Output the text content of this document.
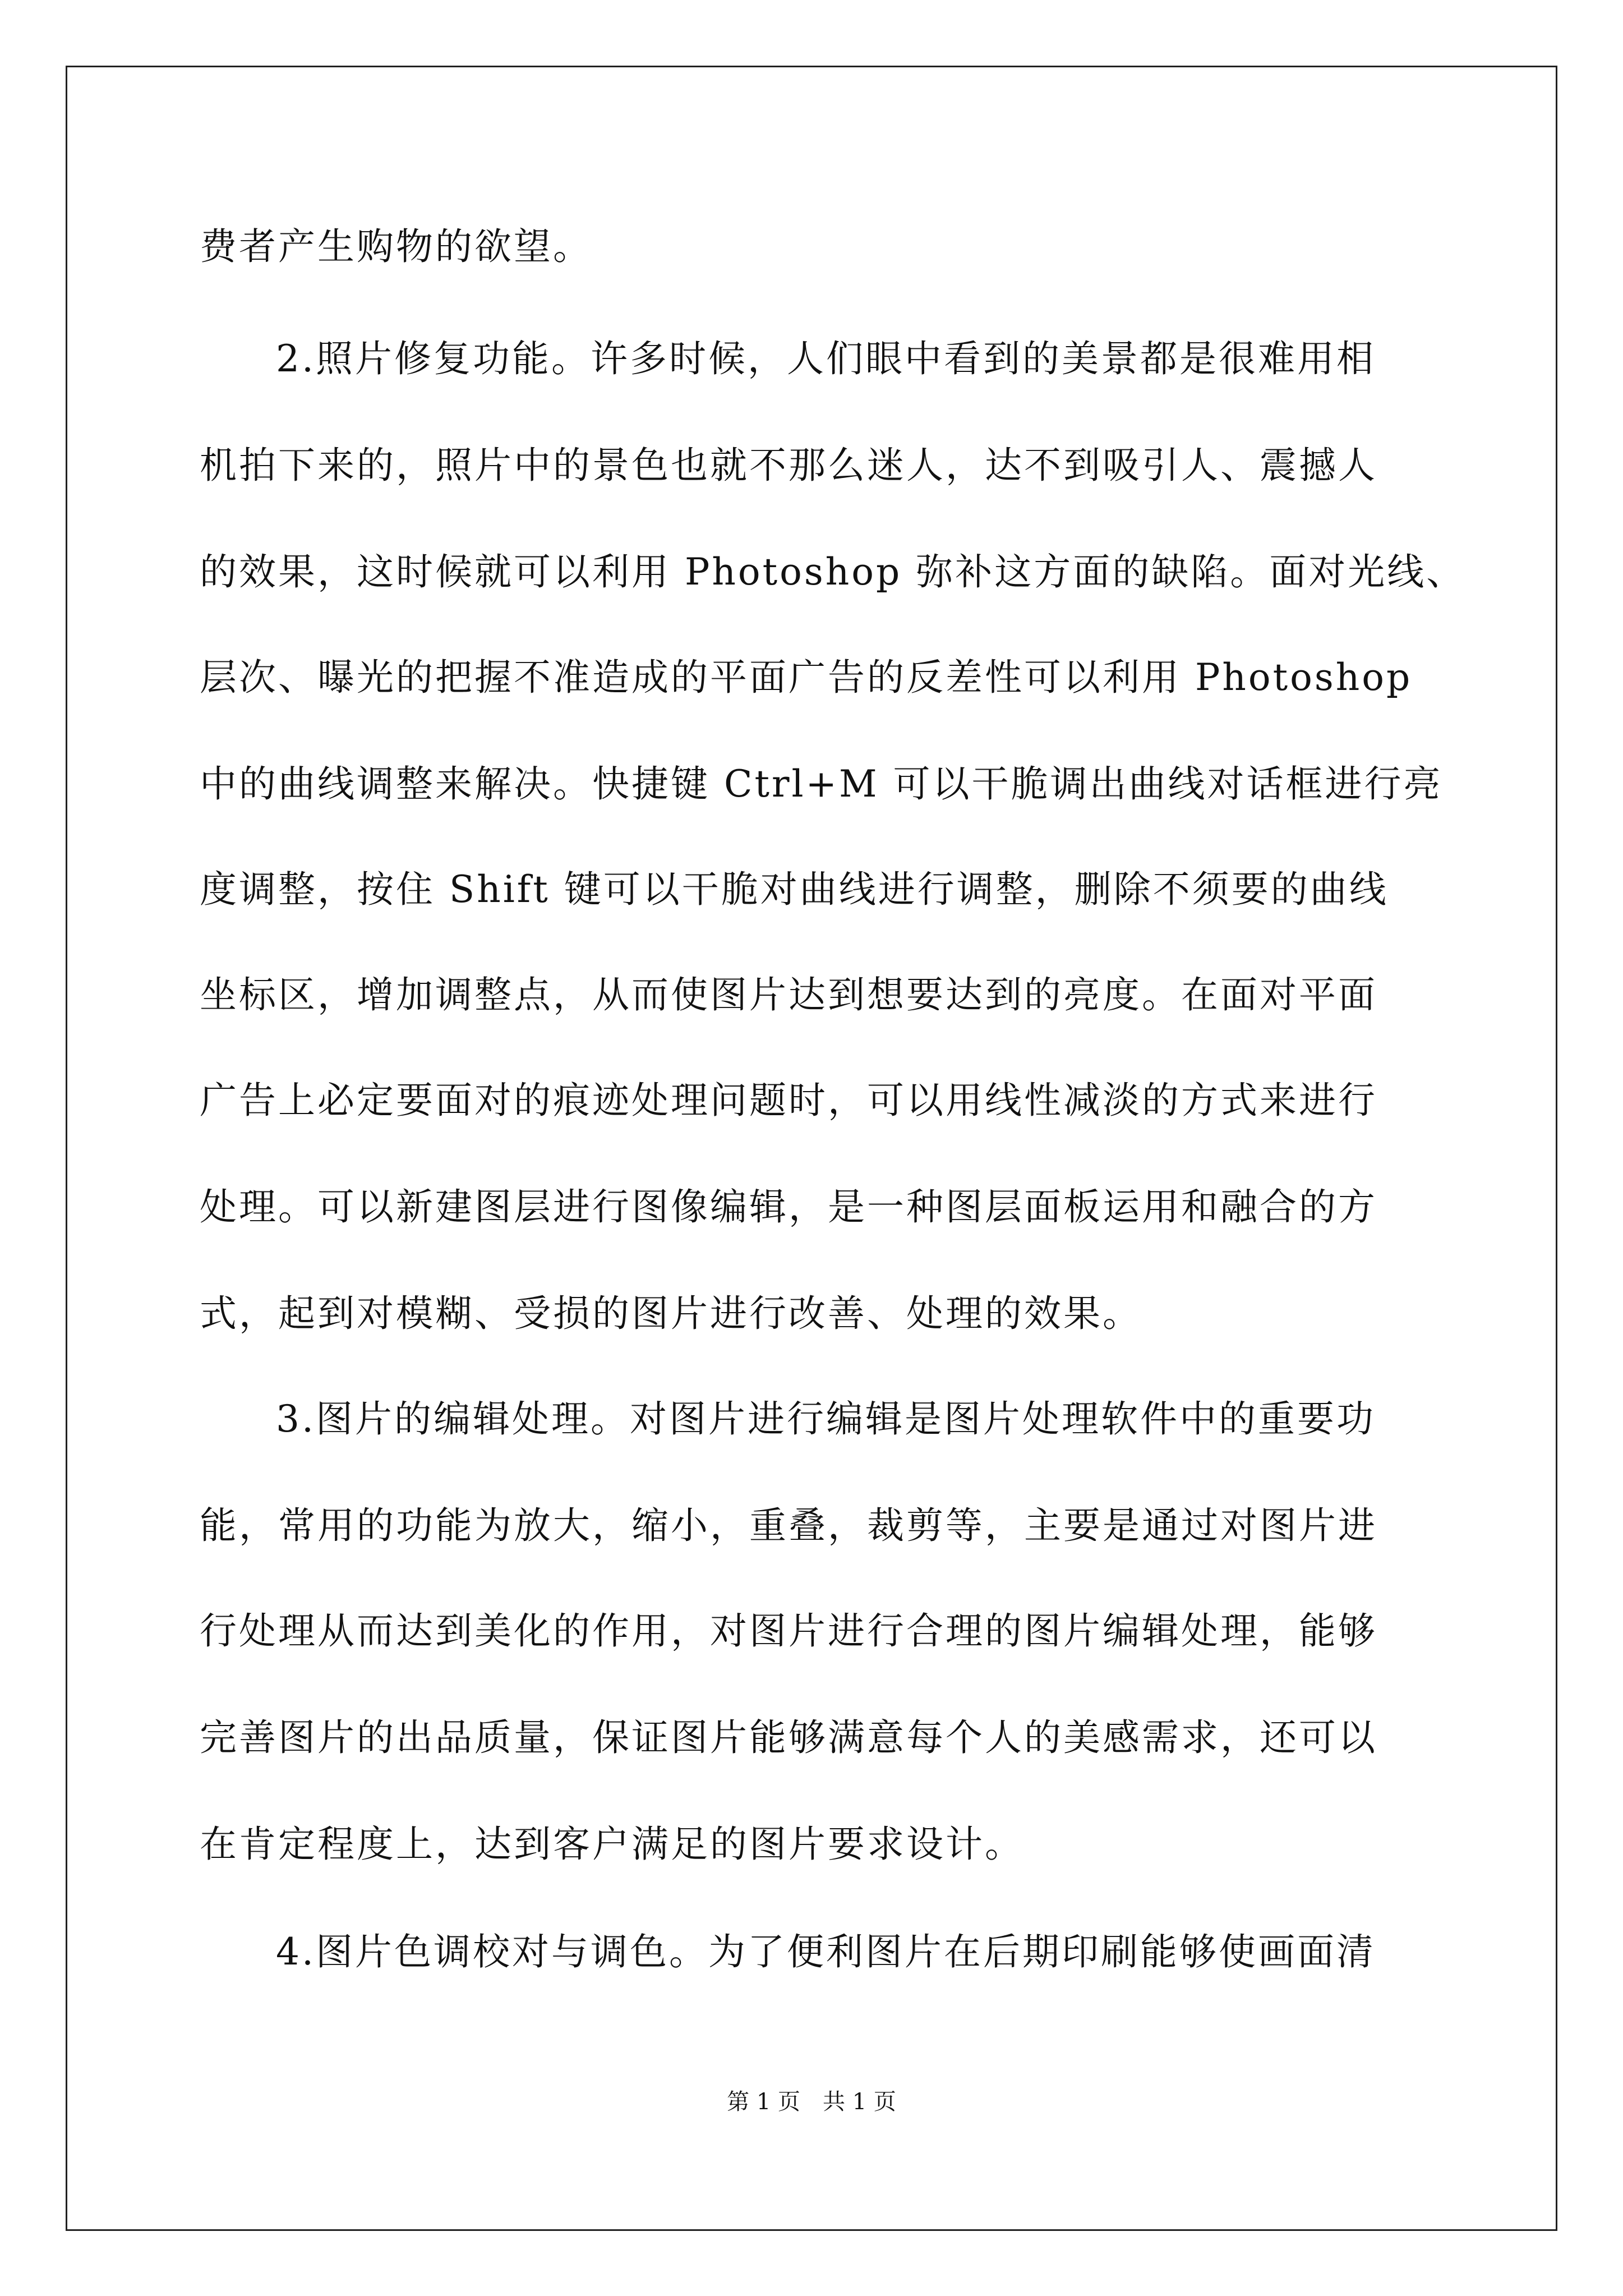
费者产生购物的欲望。
2.照片修复功能。许多时候，人们眼中看到的美景都是很难用相
机拍下来的，照片中的景色也就不那么迷人，达不到吸引人、震撼人
的效果，这时候就可以利用 Photoshop 弥补这方面的缺陷。面对光线、
层次、曝光的把握不准造成的平面广告的反差性可以利用 Photoshop
中的曲线调整来解决。快捷键 Ctrl+M 可以干脆调出曲线对话框进行亮
度调整，按住 Shift 键可以干脆对曲线进行调整，删除不须要的曲线
坐标区，增加调整点，从而使图片达到想要达到的亮度。在面对平面
广告上必定要面对的痕迹处理问题时，可以用线性减淡的方式来进行
处理。可以新建图层进行图像编辑，是一种图层面板运用和融合的方
式，起到对模糊、受损的图片进行改善、处理的效果。
3.图片的编辑处理。对图片进行编辑是图片处理软件中的重要功
能，常用的功能为放大，缩小，重叠，裁剪等，主要是通过对图片进
行处理从而达到美化的作用，对图片进行合理的图片编辑处理，能够
完善图片的出品质量，保证图片能够满意每个人的美感需求，还可以
在肯定程度上，达到客户满足的图片要求设计。
4.图片色调校对与调色。为了便利图片在后期印刷能够使画面清
第 1 页　共 1 页
